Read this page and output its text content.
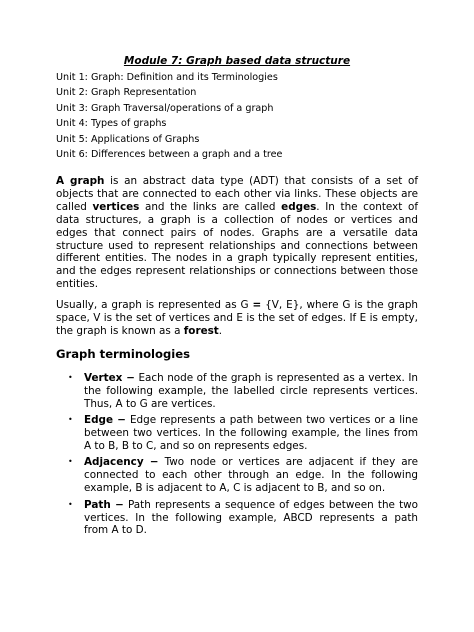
Module 7: Graph based data structure
Unit 1: Graph: Definition and its Terminologies
Unit 2: Graph Representation
Unit 3: Graph Traversal/operations of a graph
Unit 4: Types of graphs
Unit 5: Applications of Graphs
Unit 6: Differences between a graph and a tree

A graph is an abstract data type (ADT) that consists of a set of objects that are connected to each other via links. These objects are called vertices and the links are called edges. In the context of data structures, a graph is a collection of nodes or vertices and edges that connect pairs of nodes. Graphs are a versatile data structure used to represent relationships and connections between different entities. The nodes in a graph typically represent entities, and the edges represent relationships or connections between those entities.

Usually, a graph is represented as G = {V, E}, where G is the graph space, V is the set of vertices and E is the set of edges. If E is empty, the graph is known as a forest.

Graph terminologies
• Vertex − Each node of the graph is represented as a vertex. In the following example, the labelled circle represents vertices. Thus, A to G are vertices.
• Edge − Edge represents a path between two vertices or a line between two vertices. In the following example, the lines from A to B, B to C, and so on represents edges.
• Adjacency − Two node or vertices are adjacent if they are connected to each other through an edge. In the following example, B is adjacent to A, C is adjacent to B, and so on.
• Path − Path represents a sequence of edges between the two vertices. In the following example, ABCD represents a path from A to D.
